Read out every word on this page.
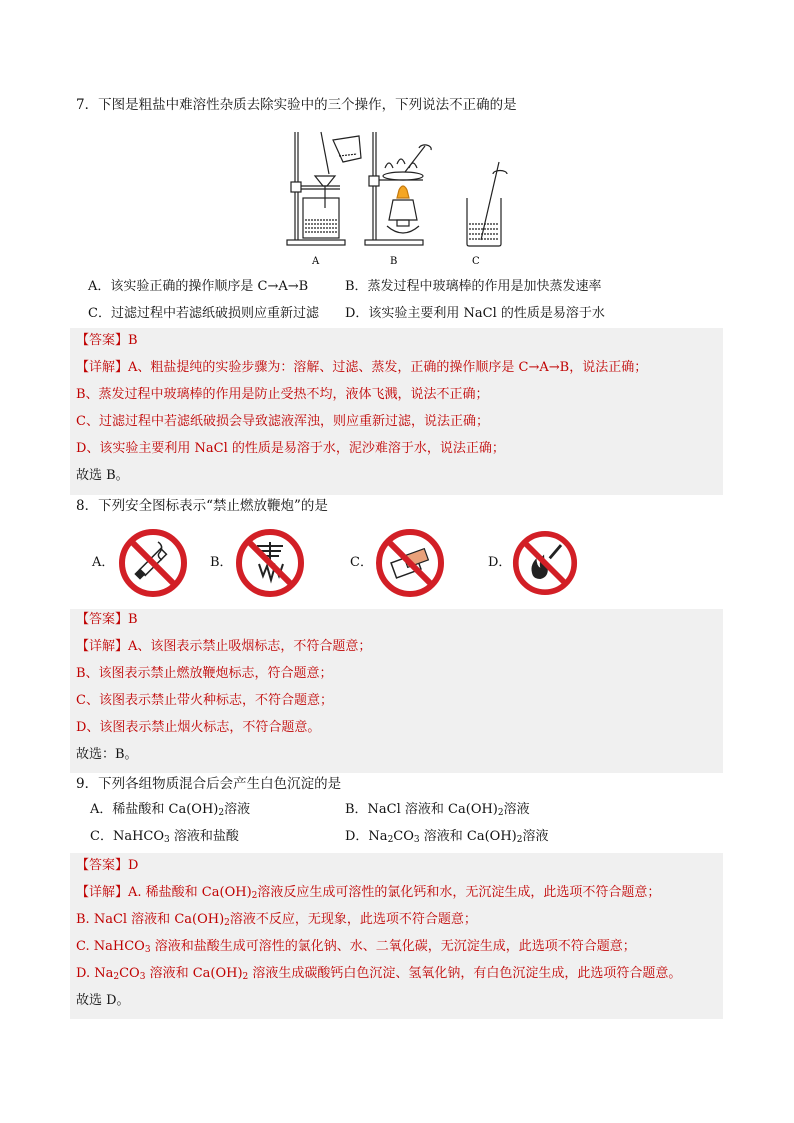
7．下图是粗盐中难溶性杂质去除实验中的三个操作，下列说法不正确的是
A	B	C
A．该实验正确的操作顺序是 C→A→B	B．蒸发过程中玻璃棒的作用是加快蒸发速率
C．过滤过程中若滤纸破损则应重新过滤 D．该实验主要利用 NaCl 的性质是易溶于水
【答案】B
【详解】A、粗盐提纯的实验步骤为：溶解、过滤、蒸发，正确的操作顺序是 C→A→B，说法正确；
B、蒸发过程中玻璃棒的作用是防止受热不均，液体飞溅，说法不正确；
C、过滤过程中若滤纸破损会导致滤液浑浊，则应重新过滤，说法正确；
D、该实验主要利用 NaCl 的性质是易溶于水，泥沙难溶于水，说法正确；
故选 B。
8．下列安全图标表示“禁止燃放鞭炮”的是
A．	B．	C．	D．
【答案】B
【详解】A、该图表示禁止吸烟标志，不符合题意；
B、该图表示禁止燃放鞭炮标志，符合题意；
C、该图表示禁止带火种标志，不符合题意；
D、该图表示禁止烟火标志，不符合题意。
故选：B。
9．下列各组物质混合后会产生白色沉淀的是
A．稀盐酸和 $Ca(OH)_2$溶液	B．NaCl 溶液和 $Ca(OH)_2$溶液
C．NaHCO$_3$ 溶液和盐酸	D．$Na_2CO_3$ 溶液和 $Ca(OH)_2$溶液
【答案】D
【详解】A. 稀盐酸和 $Ca(OH)_2$溶液反应生成可溶性的氯化钙和水，无沉淀生成，此选项不符合题意；
B. NaCl 溶液和 $Ca(OH)_2$溶液不反应，无现象，此选项不符合题意；
C. NaHCO$_3$ 溶液和盐酸生成可溶性的氯化钠、水、二氧化碳，无沉淀生成，此选项不符合题意；
D. $Na_2CO_3$ 溶液和 $Ca(OH)_2$ 溶液生成碳酸钙白色沉淀、氢氧化钠，有白色沉淀生成，此选项符合题意。
故选 D。
